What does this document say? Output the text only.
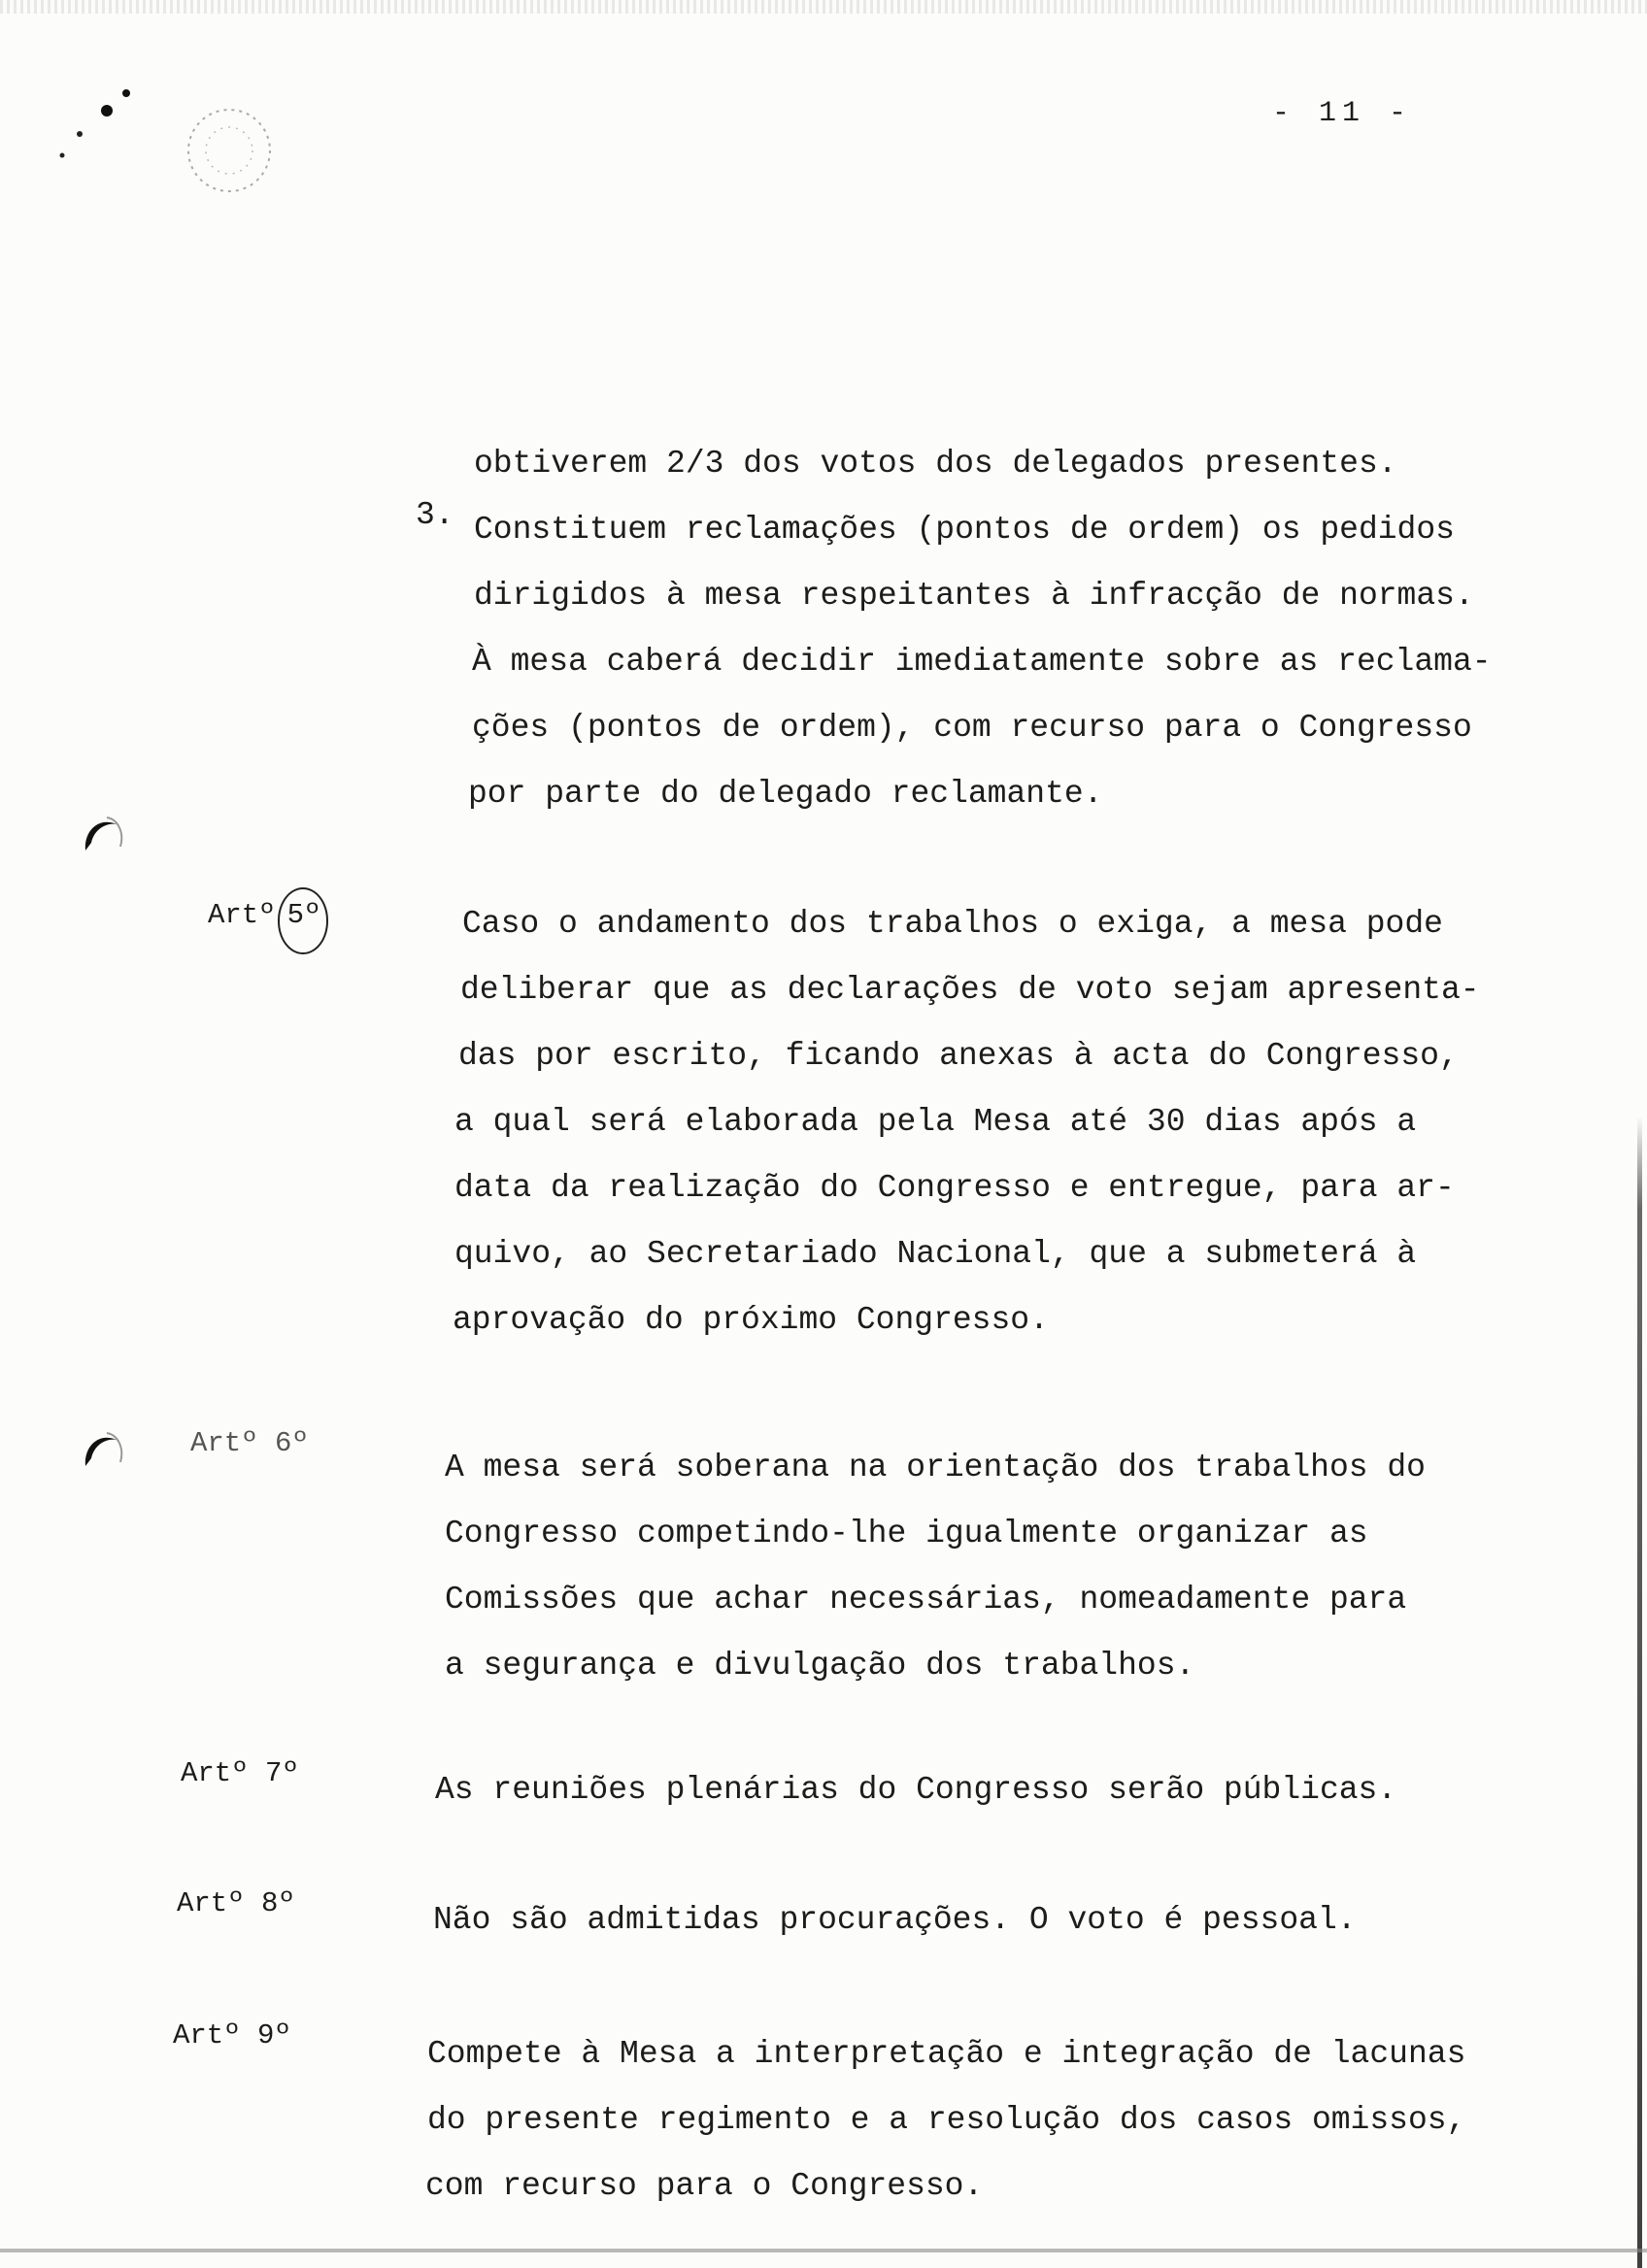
- 11 -
obtiverem 2/3 dos votos dos delegados presentes.
3. Constituem reclamações (pontos de ordem) os pedidos
dirigidos à mesa respeitantes à infracção de normas.
À mesa caberá decidir imediatamente sobre as reclama-
ções (pontos de ordem), com recurso para o Congresso
por parte do delegado reclamante.
Artº 5º	Caso o andamento dos trabalhos o exiga, a mesa pode
deliberar que as declarações de voto sejam apresenta-
das por escrito, ficando anexas à acta do Congresso,
a qual será elaborada pela Mesa até 30 dias após a
data da realização do Congresso e entregue, para ar-
quivo, ao Secretariado Nacional, que a submeterá à
aprovação do próximo Congresso.
Artº 6º
A mesa será soberana na orientação dos trabalhos do
Congresso competindo-lhe igualmente organizar as
Comissões que achar necessárias, nomeadamente para
a segurança e divulgação dos trabalhos.
Artº 7º	As reuniões plenárias do Congresso serão públicas.
Artº 8º	Não são admitidas procurações. O voto é pessoal.
Artº 9º
Compete à Mesa a interpretação e integração de lacunas
do presente regimento e a resolução dos casos omissos,
com recurso para o Congresso.
